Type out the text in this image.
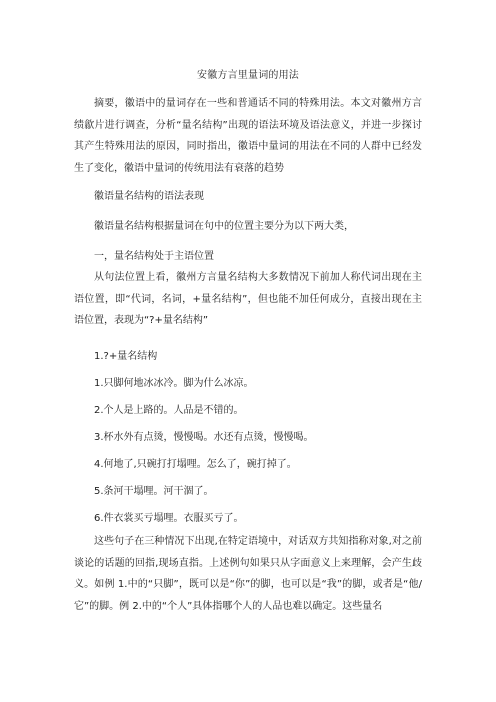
安徽方言里量词的用法
摘要，徽语中的量词存在一些和普通话不同的特殊用法。本文对徽州方言绩歙片进行调查，分析“量名结构”出现的语法环境及语法意义，并进一步探讨其产生特殊用法的原因，同时指出，徽语中量词的用法在不同的人群中已经发生了变化，徽语中量词的传统用法有衰落的趋势
徽语量名结构的语法表现
徽语量名结构根据量词在句中的位置主要分为以下两大类，
一，量名结构处于主语位置
从句法位置上看，徽州方言量名结构大多数情况下前加人称代词出现在主语位置，即“代词，名词，+量名结构”，但也能不加任何成分，直接出现在主语位置，表现为“?+量名结构”
1.?+量名结构
1.只脚何地冰冰冷。脚为什么冰凉。
2.个人是上路的。人品是不错的。
3.杯水外有点烫，慢慢喝。水还有点烫，慢慢喝。
4.何地了,只碗打打塌哩。怎么了，碗打掉了。
5.条河干塌哩。河干涸了。
6.件衣裳买亏塌哩。衣服买亏了。
这些句子在三种情况下出现,在特定语境中，对话双方共知指称对象,对之前谈论的话题的回指,现场直指。上述例句如果只从字面意义上来理解，会产生歧义。如例 1.中的“只脚”，既可以是“你”的脚，也可以是“我”的脚，或者是“他/它”的脚。例 2.中的“个人”具体指哪个人的人品也难以确定。这些量名
